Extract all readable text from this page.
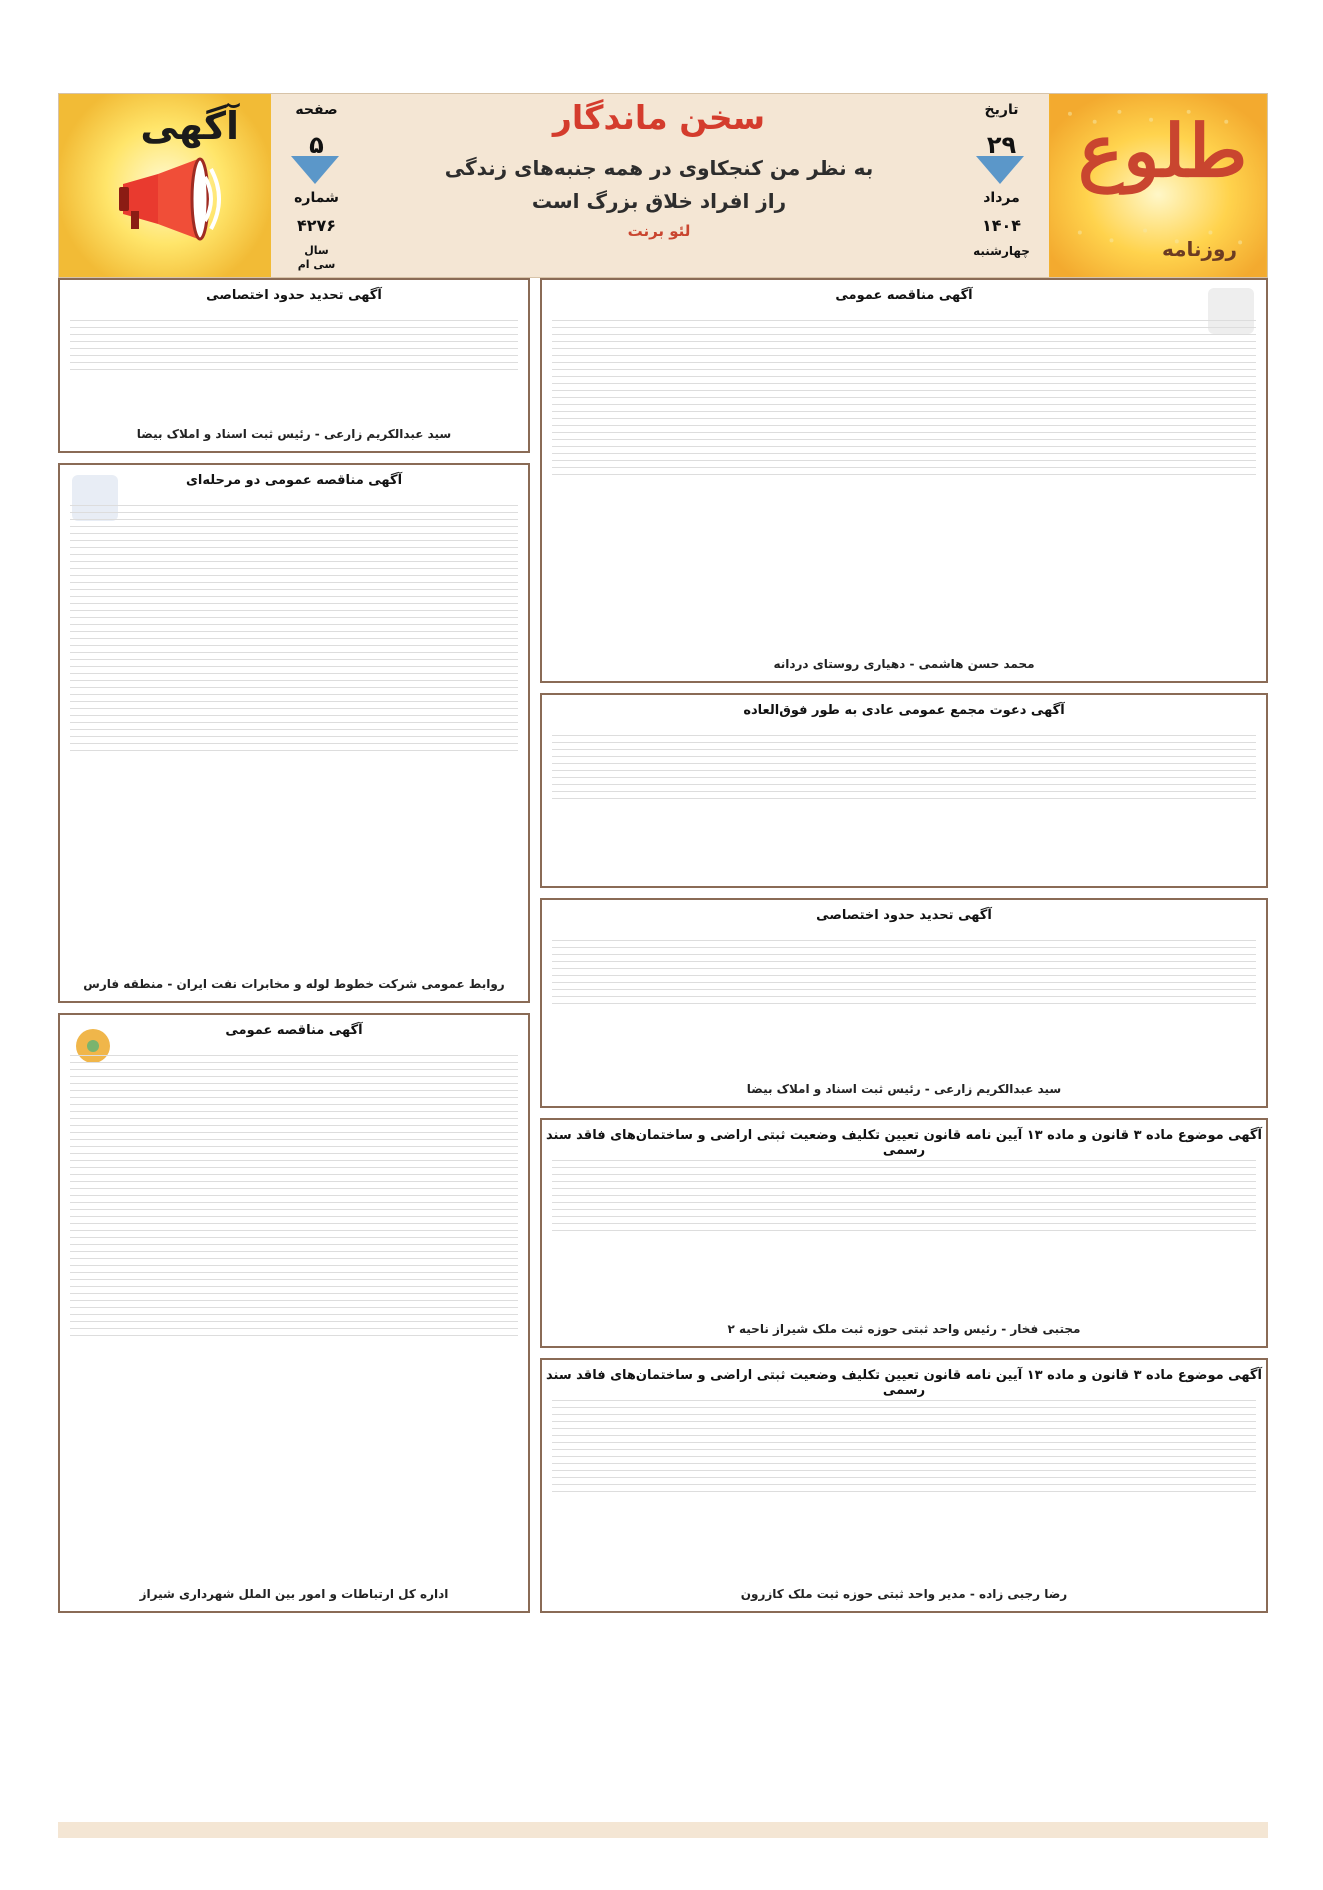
طلوع
روزنامه
تاریخ
۲۹
مرداد
۱۴۰۴
چهارشنبه
سخن ماندگار
به نظر من کنجکاوی در همه جنبه‌های زندگی
راز افراد خلاق بزرگ است
لئو برنت
صفحه
۵
شماره
۴۲۷۶
سال
سی ام
آگهی
آگهی مناقصه عمومی
محمد حسن هاشمی - دهیاری روستای دردانه
آگهی تحدید حدود اختصاصی
سید عبدالکریم زارعی - رئیس ثبت اسناد و املاک بیضا
آگهی مناقصه عمومی دو مرحله‌ای
روابط عمومی شرکت خطوط لوله و مخابرات نفت ایران - منطقه فارس
آگهی دعوت مجمع عمومی عادی به طور فوق‌العاده
آگهی تحدید حدود اختصاصی
سید عبدالکریم زارعی - رئیس ثبت اسناد و املاک بیضا
آگهی موضوع ماده ۳ قانون و ماده ۱۳ آیین نامه قانون تعیین تکلیف وضعیت ثبتی اراضی و ساختمان‌های فاقد سند رسمی
مجتبی فخار - رئیس واحد ثبتی حوزه ثبت ملک شیراز ناحیه ۲
آگهی مناقصه عمومی
اداره کل ارتباطات و امور بین الملل شهرداری شیراز
آگهی موضوع ماده ۳ قانون و ماده ۱۳ آیین نامه قانون تعیین تکلیف وضعیت ثبتی اراضی و ساختمان‌های فاقد سند رسمی
رضا رجبی زاده - مدیر واحد ثبتی حوزه ثبت ملک کازرون
